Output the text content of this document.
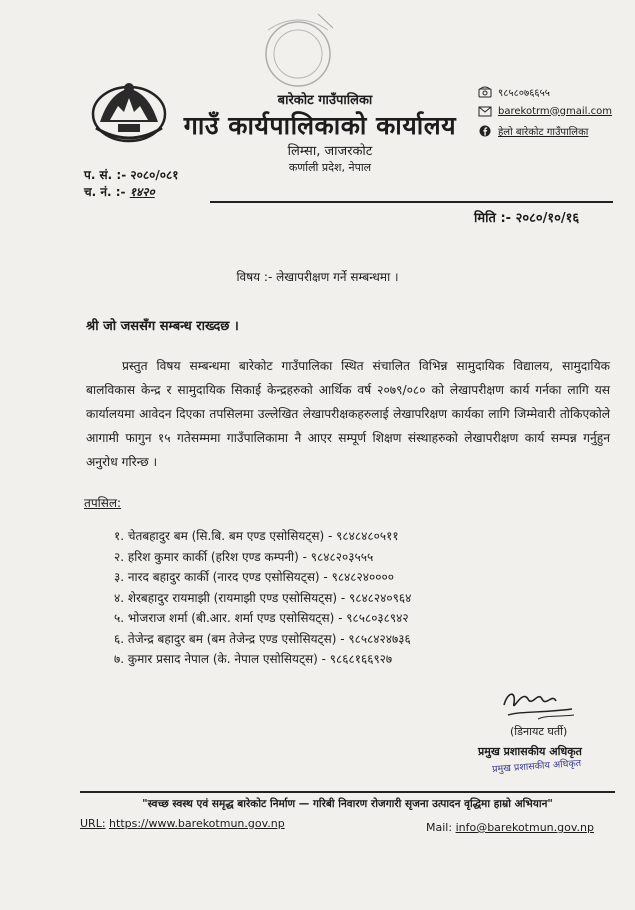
बारेकोट गाउँपालिका
गाउँ कार्यपालिकाको कार्यालय
लिम्सा, जाजरकोट
कर्णाली प्रदेश, नेपाल
९८५८०७६६५५
barekotrm@gmail.com
हेलो बारेकोट गाउँपालिका
प. सं. :- २०८०/०८१
च. नं. :- १४२०
मिति :- २०८०/१०/१६
विषय :- लेखापरीक्षण गर्ने सम्बन्धमा ।
श्री जो जससँग सम्बन्ध राख्दछ ।
प्रस्तुत विषय सम्बन्धमा बारेकोट गाउँपालिका स्थित संचालित विभिन्न सामुदायिक विद्यालय, सामुदायिक बालविकास केन्द्र र सामुदायिक सिकाई केन्द्रहरुको आर्थिक वर्ष २०७९/०८० को लेखापरीक्षण कार्य गर्नका लागि यस कार्यालयमा आवेदन दिएका तपसिलमा उल्लेखित लेखापरीक्षकहरुलाई लेखापरिक्षण कार्यका लागि जिम्मेवारी तोकिएकोले आगामी फागुन १५ गतेसम्ममा गाउँपालिकामा नै आएर सम्पूर्ण शिक्षण संस्थाहरुको लेखापरीक्षण कार्य सम्पन्न गर्नुहुन अनुरोध गरिन्छ ।
तपसिल:
१. चेतबहादुर बम (सि.बि. बम एण्ड एसोसियट्स) - ९८४८४८०५११
२. हरिश कुमार कार्की (हरिश एण्ड कम्पनी) - ९८४८२०३५५५
३. नारद बहादुर कार्की (नारद एण्ड एसोसियट्स) - ९८४८२४००००
४. शेरबहादुर रायमाझी (रायमाझी एण्ड एसोसियट्स) - ९८४८२४०९६४
५. भोजराज शर्मा (बी.आर. शर्मा एण्ड एसोसियट्स) - ९८५८०३८९४२
६. तेजेन्द्र बहादुर बम (बम तेजेन्द्र एण्ड एसोसियट्स) - ९८५८४२४७३६
७. कुमार प्रसाद नेपाल (के. नेपाल एसोसियट्स) - ९८६८१६६९२७
(डिनायट घर्ती)
प्रमुख प्रशासकीय अधिकृत
प्रमुख प्रशासकीय अधिकृत
"स्वच्छ स्वस्थ एवं समृद्ध बारेकोट निर्माण — गरिबी निवारण रोजगारी सृजना उत्पादन वृद्धिमा हाम्रो अभियान"
URL: https://www.barekotmun.gov.np	Mail: info@barekotmun.gov.np
